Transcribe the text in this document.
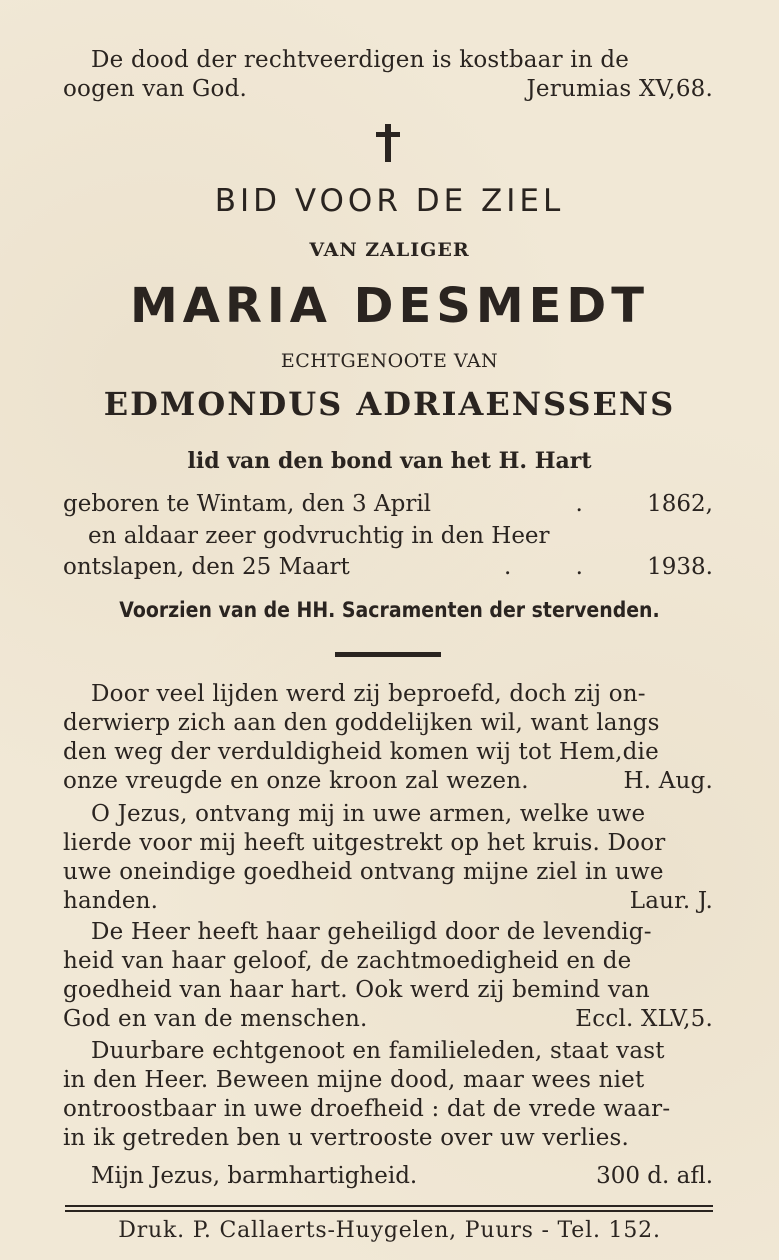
De dood der rechtveerdigen is kostbaar in de
oogen van God.	Jerumias XV,68.
BID VOOR DE ZIEL
VAN ZALIGER
MARIA DESMEDT
ECHTGENOOTE VAN
EDMONDUS ADRIAENSSENS
lid van den bond van het H. Hart
geboren te Wintam, den 3 April	.	1862,
en aldaar zeer godvruchtig in den Heer
ontslapen, den 25 Maart	.	.	1938.
Voorzien van de HH. Sacramenten der stervenden.
Door veel lijden werd zij beproefd, doch zij on-
derwierp zich aan den goddelijken wil, want langs
den weg der verduldigheid komen wij tot Hem,die
onze vreugde en onze kroon zal wezen.	H. Aug.
O Jezus, ontvang mij in uwe armen, welke uwe
lierde voor mij heeft uitgestrekt op het kruis. Door
uwe oneindige goedheid ontvang mijne ziel in uwe
handen.	Laur. J.
De Heer heeft haar geheiligd door de levendig-
heid van haar geloof, de zachtmoedigheid en de
goedheid van haar hart. Ook werd zij bemind van
God en van de menschen.	Eccl. XLV,5.
Duurbare echtgenoot en familieleden, staat vast
in den Heer. Beween mijne dood, maar wees niet
ontroostbaar in uwe droefheid : dat de vrede waar-
in ik getreden ben u vertrooste over uw verlies.
Mijn Jezus, barmhartigheid.	300 d. afl.
Druk. P. Callaerts-Huygelen, Puurs - Tel. 152.
